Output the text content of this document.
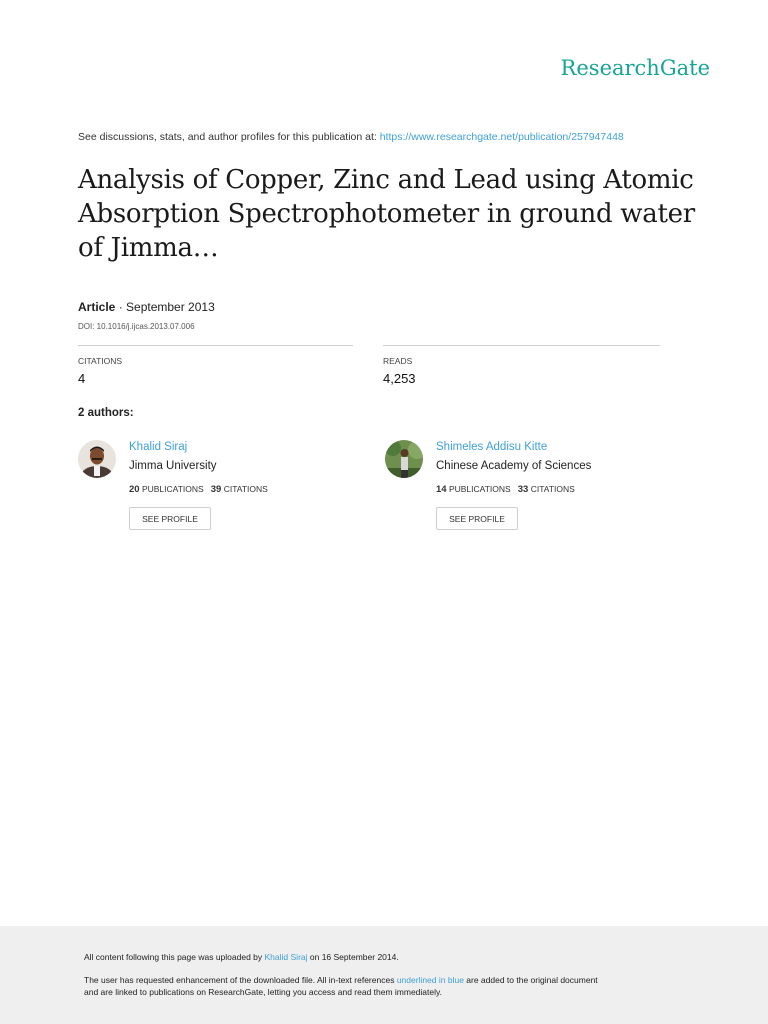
ResearchGate
See discussions, stats, and author profiles for this publication at: https://www.researchgate.net/publication/257947448
Analysis of Copper, Zinc and Lead using Atomic
Absorption Spectrophotometer in ground water
of Jimma…
Article · September 2013
DOI: 10.1016/j.ijcas.2013.07.006
CITATIONS
4
READS
4,253
2 authors:
Khalid Siraj
Jimma University
20 PUBLICATIONS 39 CITATIONS
SEE PROFILE
Shimeles Addisu Kitte
Chinese Academy of Sciences
14 PUBLICATIONS 33 CITATIONS
SEE PROFILE

All content following this page was uploaded by Khalid Siraj on 16 September 2014.

The user has requested enhancement of the downloaded file. All in-text references underlined in blue are added to the original document
and are linked to publications on ResearchGate, letting you access and read them immediately.
